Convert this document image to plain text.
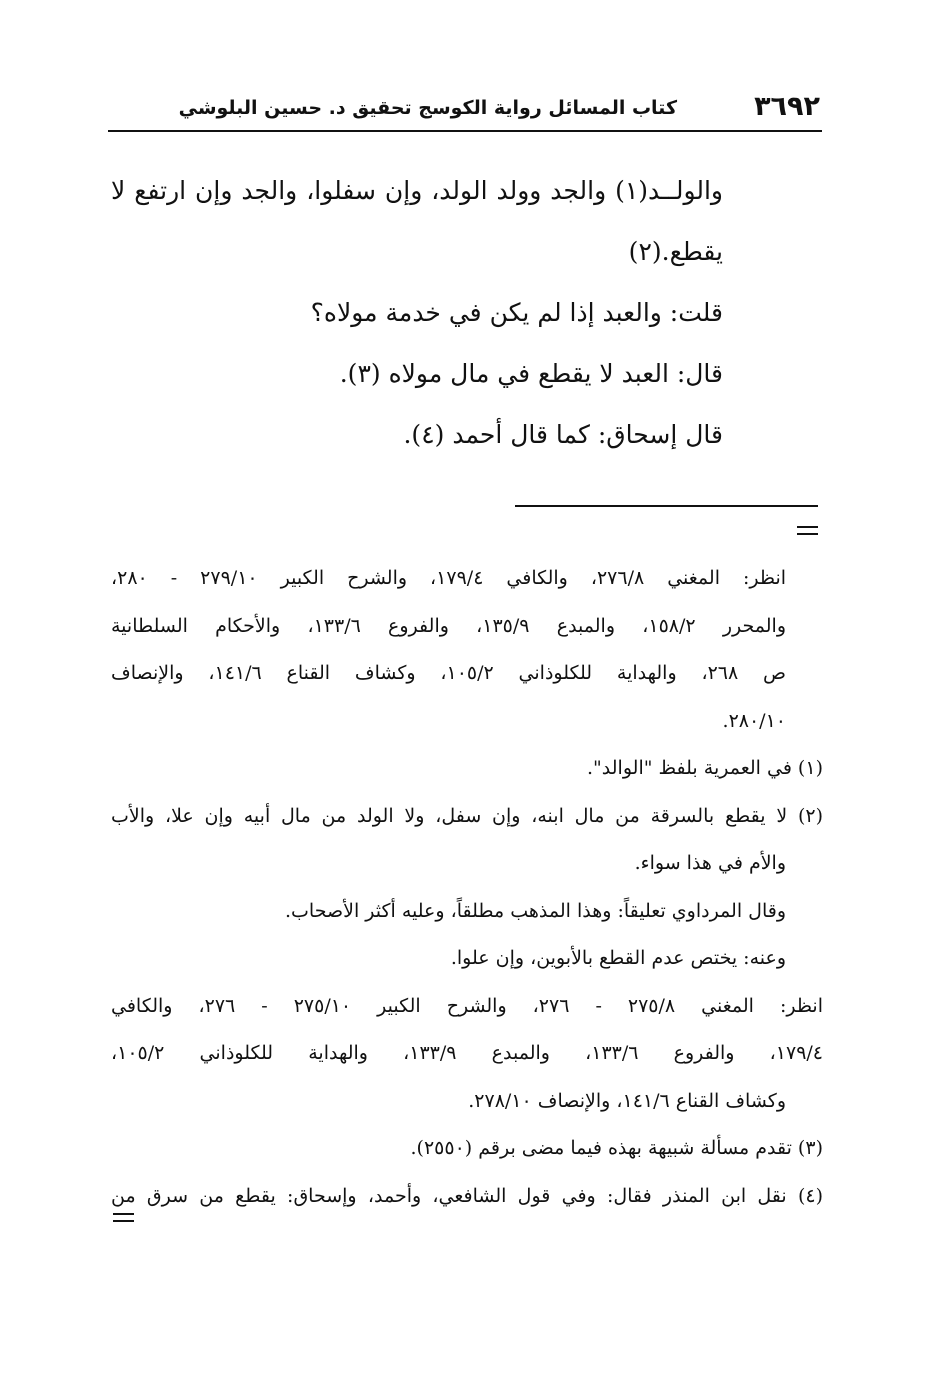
٣٦٩٢
كتاب المسائل رواية الكوسج تحقيق د. حسين البلوشي
والولــد(١) والجد وولد الولد، وإن سفلوا، والجد وإن ارتفع لا
يقطع.(٢)
قلت: والعبد إذا لم يكن في خدمة مولاه؟
قال: العبد لا يقطع في مال مولاه (٣).
قال إسحاق: كما قال أحمد (٤).
انظر: المغني ٢٧٦/٨، والكافي ١٧٩/٤، والشرح الكبير ٢٧٩/١٠ - ٢٨٠،
والمحرر ١٥٨/٢، والمبدع ١٣٥/٩، والفروع ١٣٣/٦، والأحكام السلطانية
ص ٢٦٨، والهداية للكلوذاني ١٠٥/٢، وكشاف القناع ١٤١/٦، والإنصاف
٢٨٠/١٠.
(١) في العمرية بلفظ "الوالد".
(٢) لا يقطع بالسرقة من مال ابنه، وإن سفل، ولا الولد من مال أبيه وإن علا، والأب
والأم في هذا سواء.
وقال المرداوي تعليقاً: وهذا المذهب مطلقاً، وعليه أكثر الأصحاب.
وعنه: يختص عدم القطع بالأبوين، وإن علوا.
انظر: المغني ٢٧٥/٨ - ٢٧٦، والشرح الكبير ٢٧٥/١٠ - ٢٧٦، والكافي
١٧٩/٤، والفروع ١٣٣/٦، والمبدع ١٣٣/٩، والهداية للكلوذاني ١٠٥/٢،
وكشاف القناع ١٤١/٦، والإنصاف ٢٧٨/١٠.
(٣) تقدم مسألة شبيهة بهذه فيما مضى برقم (٢٥٥٠).
(٤) نقل ابن المنذر فقال: وفي قول الشافعي، وأحمد، وإسحاق: يقطع من سرق من
